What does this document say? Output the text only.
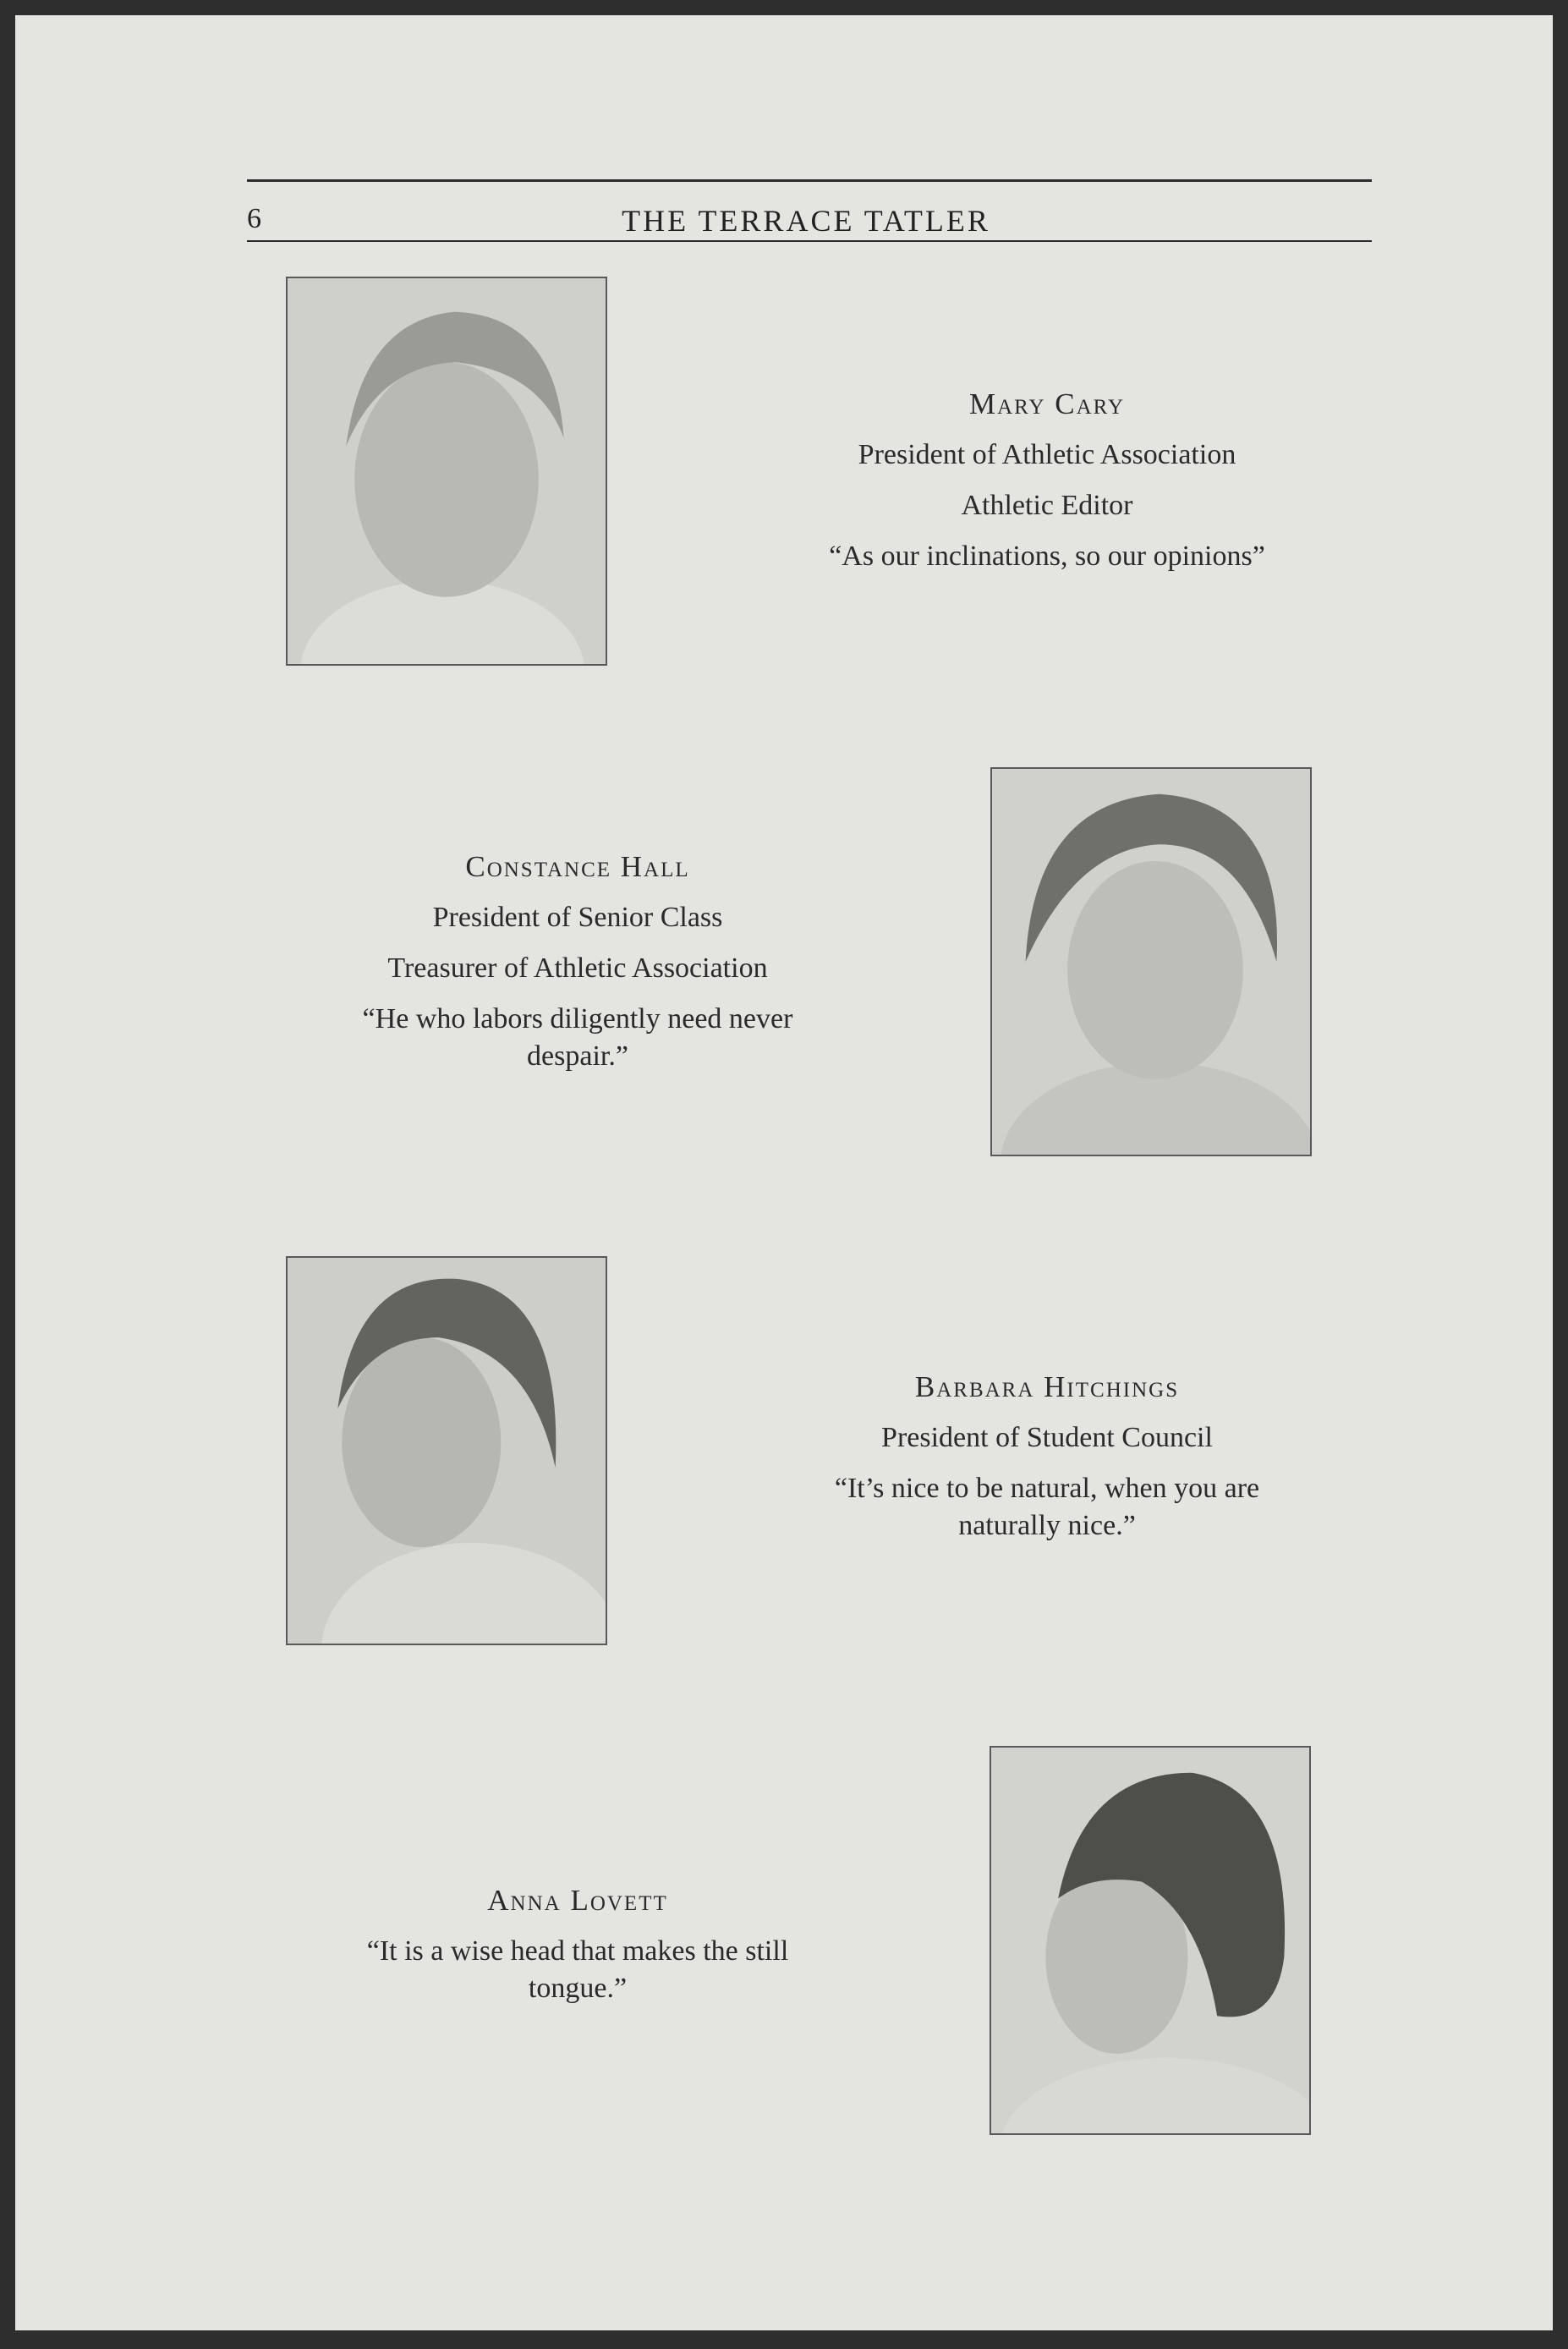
6	THE TERRACE TATLER
Mary Cary
President of Athletic Association
Athletic Editor
“As our inclinations, so our opinions”
Constance Hall
President of Senior Class
Treasurer of Athletic Association
“He who labors diligently need never despair.”
Barbara Hitchings
President of Student Council
“It’s nice to be natural, when you are naturally nice.”
Anna Lovett
“It is a wise head that makes the still tongue.”
